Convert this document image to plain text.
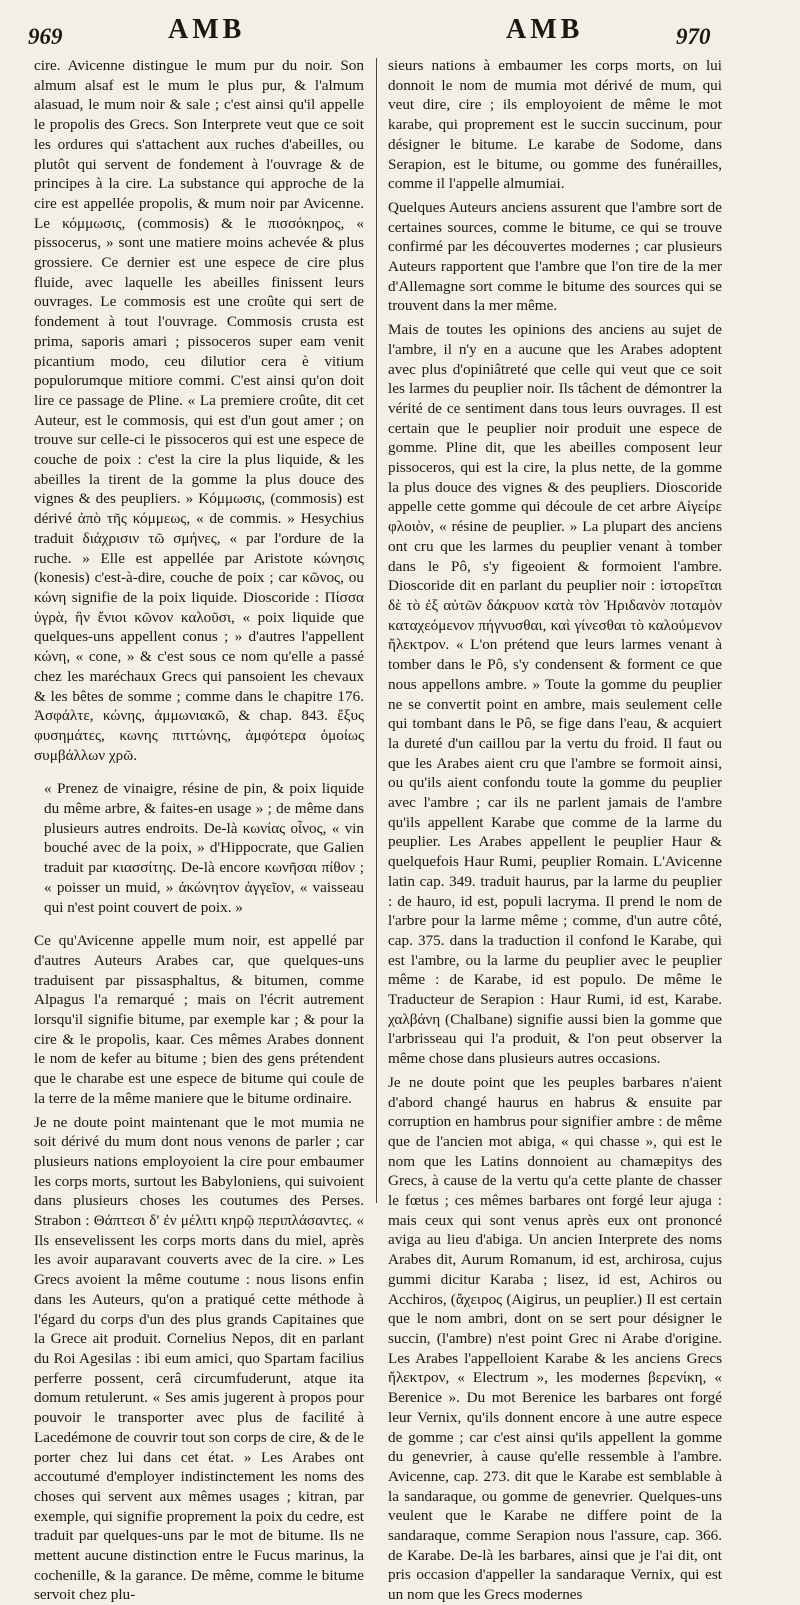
969	AMB	AMB	970

cire. Avicenne distingue le mum pur du noir. Son almum alsaf est le mum le plus pur, & l'almum alasuad, le mum noir & sale ; c'est ainsi qu'il appelle le propolis des Grecs. Son Interprete veut que ce soit les ordures qui s'attachent aux ruches d'abeilles, ou plutôt qui servent de fondement à l'ouvrage & de principes à la cire. La substance qui approche de la cire est appellée propolis, & mum noir par Avicenne. Le κόμμωσις, (commosis) & le πισσόκηρος, « pissocerus, » sont une matiere moins achevée & plus grossiere. Ce dernier est une espece de cire plus fluide, avec laquelle les abeilles finissent leurs ouvrages. Le commosis est une croûte qui sert de fondement à tout l'ouvrage. Commosis crusta est prima, saporis amari ; pissoceros super eam venit picantium modo, ceu dilutior cera è vitium populorumque mitiore commi. C'est ainsi qu'on doit lire ce passage de Pline. « La premiere croûte, dit cet Auteur, est le commosis, qui est d'un gout amer ; on trouve sur celle-ci le pissoceros qui est une espece de couche de poix : c'est la cire la plus liquide, & les abeilles la tirent de la gomme la plus douce des vignes & des peupliers. » Κόμμωσις, (commosis) est dérivé ἀπὸ τῆς κόμμεως, « de commis. » Hesychius traduit διάχρισιν τῶ σμήνες, « par l'ordure de la ruche. » Elle est appellée par Aristote κώνησις (konesis) c'est-à-dire, couche de poix ; car κῶνος, ou κώνη signifie de la poix liquide. Dioscoride : Πίσσα ὑγρὰ, ἣν ἔνιοι κῶνον καλοῦσι, « poix liquide que quelques-uns appellent conus ; » d'autres l'appellent κώνη, « cone, » & c'est sous ce nom qu'elle a passé chez les maréchaux Grecs qui pansoient les chevaux & les bêtes de somme ; comme dans le chapitre 176. Ἀσφάλτε, κώνης, ἀμμωνιακῶ, & chap. 843. ἔξυς φυσημάτες, κωνης πιττώνης, ἀμφότερα ὁμοίως συμβάλλων χρῶ.

« Prenez de vinaigre, résine de pin, & poix liquide du même arbre, & faites-en usage » ; de même dans plusieurs autres endroits. De-là κωνίας οἶνος, « vin bouché avec de la poix, » d'Hippocrate, que Galien traduit par κιασσίτης. De-là encore κωνῆσαι πίθον ; « poisser un muid, » ἀκώνητον ἀγγεῖον, « vaisseau qui n'est point couvert de poix. »

Ce qu'Avicenne appelle mum noir, est appellé par d'autres Auteurs Arabes car, que quelques-uns traduisent par pissasphaltus, & bitumen, comme Alpagus l'a remarqué ; mais on l'écrit autrement lorsqu'il signifie bitume, par exemple kar ; & pour la cire & le propolis, kaar. Ces mêmes Arabes donnent le nom de kefer au bitume ; bien des gens prétendent que le charabe est une espece de bitume qui coule de la terre de la même maniere que le bitume ordinaire.

Je ne doute point maintenant que le mot mumia ne soit dérivé du mum dont nous venons de parler ; car plusieurs nations employoient la cire pour embaumer les corps morts, surtout les Babyloniens, qui suivoient dans plusieurs choses les coutumes des Perses. Strabon : Θάπτεσι δ' ἐν μέλιτι κηρῷ περιπλάσαντες. « Ils ensevelissent les corps morts dans du miel, après les avoir auparavant couverts avec de la cire. » Les Grecs avoient la même coutume : nous lisons enfin dans les Auteurs, qu'on a pratiqué cette méthode à l'égard du corps d'un des plus grands Capitaines que la Grece ait produit. Cornelius Nepos, dit en parlant du Roi Agesilas : ibi eum amici, quo Spartam facilius perferre possent, cerâ circumfuderunt, atque ita domum retulerunt. « Ses amis jugerent à propos pour pouvoir le transporter avec plus de facilité à Lacedémone de couvrir tout son corps de cire, & de le porter chez lui dans cet état. » Les Arabes ont accoutumé d'employer indistinctement les noms des choses qui servent aux mêmes usages ; kitran, par exemple, qui signifie proprement la poix du cedre, est traduit par quelques-uns par le mot de bitume. Ils ne mettent aucune distinction entre le Fucus marinus, la cochenille, & la garance. De même, comme le bitume servoit chez plu-

sieurs nations à embaumer les corps morts, on lui donnoit le nom de mumia mot dérivé de mum, qui veut dire, cire ; ils employoient de même le mot karabe, qui proprement est le succin succinum, pour désigner le bitume. Le karabe de Sodome, dans Serapion, est le bitume, ou gomme des funérailles, comme il l'appelle almumiai.

Quelques Auteurs anciens assurent que l'ambre sort de certaines sources, comme le bitume, ce qui se trouve confirmé par les découvertes modernes ; car plusieurs Auteurs rapportent que l'ambre que l'on tire de la mer d'Allemagne sort comme le bitume des sources qui se trouvent dans la mer même.

Mais de toutes les opinions des anciens au sujet de l'ambre, il n'y en a aucune que les Arabes adoptent avec plus d'opiniâtreté que celle qui veut que ce soit les larmes du peuplier noir. Ils tâchent de démontrer la vérité de ce sentiment dans tous leurs ouvrages. Il est certain que le peuplier noir produit une espece de gomme. Pline dit, que les abeilles composent leur pissoceros, qui est la cire, la plus nette, de la gomme la plus douce des vignes & des peupliers. Dioscoride appelle cette gomme qui découle de cet arbre Αἰγείρε φλοιὸν, « résine de peuplier. » La plupart des anciens ont cru que les larmes du peuplier venant à tomber dans le Pô, s'y figeoient & formoient l'ambre. Dioscoride dit en parlant du peuplier noir : ἱστορεῖται δὲ τὸ ἐξ αὐτῶν δάκρυον κατὰ τὸν Ἠριδανὸν ποταμὸν καταχεόμενον πήγνυσθαι, καὶ γίνεσθαι τὸ καλούμενον ἤλεκτρον. « L'on prétend que leurs larmes venant à tomber dans le Pô, s'y condensent & forment ce que nous appellons ambre. » Toute la gomme du peuplier ne se convertit point en ambre, mais seulement celle qui tombant dans le Pô, se fige dans l'eau, & acquiert la dureté d'un caillou par la vertu du froid. Il faut ou que les Arabes aient cru que l'ambre se formoit ainsi, ou qu'ils aient confondu toute la gomme du peuplier avec l'ambre ; car ils ne parlent jamais de l'ambre qu'ils appellent Karabe que comme de la larme du peuplier. Les Arabes appellent le peuplier Haur & quelquefois Haur Rumi, peuplier Romain. L'Avicenne latin cap. 349. traduit haurus, par la larme du peuplier : de hauro, id est, populi lacryma. Il prend le nom de l'arbre pour la larme même ; comme, d'un autre côté, cap. 375. dans la traduction il confond le Karabe, qui est l'ambre, ou la larme du peuplier avec le peuplier même : de Karabe, id est populo. De même le Traducteur de Serapion : Haur Rumi, id est, Karabe. χαλβάνη (Chalbane) signifie aussi bien la gomme que l'arbrisseau qui l'a produit, & l'on peut observer la même chose dans plusieurs autres occasions.

Je ne doute point que les peuples barbares n'aient d'abord changé haurus en habrus & ensuite par corruption en hambrus pour signifier ambre : de même que de l'ancien mot abiga, « qui chasse », qui est le nom que les Latins donnoient au chamæpitys des Grecs, à cause de la vertu qu'a cette plante de chasser le fœtus ; ces mêmes barbares ont forgé leur ajuga : mais ceux qui sont venus après eux ont prononcé aviga au lieu d'abiga. Un ancien Interprete des noms Arabes dit, Aurum Romanum, id est, archirosa, cujus gummi dicitur Karaba ; lisez, id est, Achiros ou Acchiros, (ἄχειρος (Aigirus, un peuplier.) Il est certain que le nom ambri, dont on se sert pour désigner le succin, (l'ambre) n'est point Grec ni Arabe d'origine. Les Arabes l'appelloient Karabe & les anciens Grecs ἤλεκτρον, « Electrum », les modernes βερενίκη, « Berenice ». Du mot Berenice les barbares ont forgé leur Vernix, qu'ils donnent encore à une autre espece de gomme ; car c'est ainsi qu'ils appellent la gomme du genevrier, à cause qu'elle ressemble à l'ambre. Avicenne, cap. 273. dit que le Karabe est semblable à la sandaraque, ou gomme de genevrier. Quelques-uns veulent que le Karabe ne differe point de la sandaraque, comme Serapion nous l'assure, cap. 366. de Karabe. De-là les barbares, ainsi que je l'ai dit, ont pris occasion d'appeller la sandaraque Vernix, qui est un nom que les Grecs modernes
